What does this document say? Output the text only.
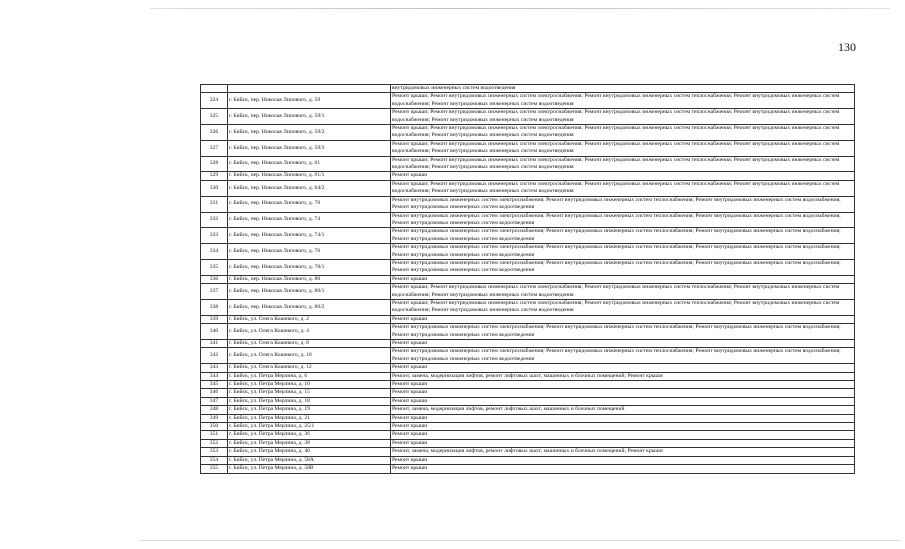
130
		внутридомовых инженерных систем водоотведения
324	г. Бийск, пер. Николая Липового, д. 59	Ремонт крыши; Ремонт внутридомовых инженерных систем электроснабжения; Ремонт внутридомовых инженерных систем теплоснабжения; Ремонт внутридомовых инженерных систем водоснабжения; Ремонт внутридомовых инженерных систем водоотведения
325	г. Бийск, пер. Николая Липового, д. 59/1	Ремонт крыши; Ремонт внутридомовых инженерных систем электроснабжения; Ремонт внутридомовых инженерных систем теплоснабжения; Ремонт внутридомовых инженерных систем водоснабжения; Ремонт внутридомовых инженерных систем водоотведения
326	г. Бийск, пер. Николая Липового, д. 59/2	Ремонт крыши; Ремонт внутридомовых инженерных систем электроснабжения; Ремонт внутридомовых инженерных систем теплоснабжения; Ремонт внутридомовых инженерных систем водоснабжения; Ремонт внутридомовых инженерных систем водоотведения
327	г. Бийск, пер. Николая Липового, д. 59/3	Ремонт крыши; Ремонт внутридомовых инженерных систем электроснабжения; Ремонт внутридомовых инженерных систем теплоснабжения; Ремонт внутридомовых инженерных систем водоснабжения; Ремонт внутридомовых инженерных систем водоотведения
328	г. Бийск, пер. Николая Липового, д. 61	Ремонт крыши; Ремонт внутридомовых инженерных систем электроснабжения; Ремонт внутридомовых инженерных систем теплоснабжения; Ремонт внутридомовых инженерных систем водоснабжения; Ремонт внутридомовых инженерных систем водоотведения
329	г. Бийск, пер. Николая Липового, д. 61/1	Ремонт крыши
330	г. Бийск, пер. Николая Липового, д. 64/2	Ремонт крыши; Ремонт внутридомовых инженерных систем электроснабжения; Ремонт внутридомовых инженерных систем теплоснабжения; Ремонт внутридомовых инженерных систем водоснабжения; Ремонт внутридомовых инженерных систем водоотведения
331	г. Бийск, пер. Николая Липового, д. 70	Ремонт внутридомовых инженерных систем электроснабжения; Ремонт внутридомовых инженерных систем теплоснабжения; Ремонт внутридомовых инженерных систем водоснабжения; Ремонт внутридомовых инженерных систем водоотведения
332	г. Бийск, пер. Николая Липового, д. 74	Ремонт внутридомовых инженерных систем электроснабжения; Ремонт внутридомовых инженерных систем теплоснабжения; Ремонт внутридомовых инженерных систем водоснабжения; Ремонт внутридомовых инженерных систем водоотведения
333	г. Бийск, пер. Николая Липового, д. 74/1	Ремонт внутридомовых инженерных систем электроснабжения; Ремонт внутридомовых инженерных систем теплоснабжения; Ремонт внутридомовых инженерных систем водоснабжения; Ремонт внутридомовых инженерных систем водоотведения
334	г. Бийск, пер. Николая Липового, д. 76	Ремонт внутридомовых инженерных систем электроснабжения; Ремонт внутридомовых инженерных систем теплоснабжения; Ремонт внутридомовых инженерных систем водоснабжения; Ремонт внутридомовых инженерных систем водоотведения
335	г. Бийск, пер. Николая Липового, д. 78/1	Ремонт внутридомовых инженерных систем электроснабжения; Ремонт внутридомовых инженерных систем теплоснабжения; Ремонт внутридомовых инженерных систем водоснабжения; Ремонт внутридомовых инженерных систем водоотведения
336	г. Бийск, пер. Николая Липового, д. 80	Ремонт крыши
337	г. Бийск, пер. Николая Липового, д. 80/1	Ремонт крыши; Ремонт внутридомовых инженерных систем электроснабжения; Ремонт внутридомовых инженерных систем теплоснабжения; Ремонт внутридомовых инженерных систем водоснабжения; Ремонт внутридомовых инженерных систем водоотведения
338	г. Бийск, пер. Николая Липового, д. 80/2	Ремонт крыши; Ремонт внутридомовых инженерных систем электроснабжения; Ремонт внутридомовых инженерных систем теплоснабжения; Ремонт внутридомовых инженерных систем водоснабжения; Ремонт внутридомовых инженерных систем водоотведения
339	г. Бийск, ул. Олега Кошевого, д. 2	Ремонт крыши
340	г. Бийск, ул. Олега Кошевого, д. 4	Ремонт внутридомовых инженерных систем электроснабжения; Ремонт внутридомовых инженерных систем теплоснабжения; Ремонт внутридомовых инженерных систем водоснабжения; Ремонт внутридомовых инженерных систем водоотведения
341	г. Бийск, ул. Олега Кошевого, д. 8	Ремонт крыши
342	г. Бийск, ул. Олега Кошевого, д. 10	Ремонт внутридомовых инженерных систем электроснабжения; Ремонт внутридомовых инженерных систем теплоснабжения; Ремонт внутридомовых инженерных систем водоснабжения; Ремонт внутридомовых инженерных систем водоотведения
343	г. Бийск, ул. Олега Кошевого, д. 12	Ремонт крыши
344	г. Бийск, ул. Петра Мерлина, д. 6	Ремонт, замена, модернизация лифтов, ремонт лифтовых шахт, машинных и блочных помещений; Ремонт крыши
345	г. Бийск, ул. Петра Мерлина, д. 10	Ремонт крыши
346	г. Бийск, ул. Петра Мерлина, д. 15	Ремонт крыши
347	г. Бийск, ул. Петра Мерлина, д. 18	Ремонт крыши
348	г. Бийск, ул. Петра Мерлина, д. 19	Ремонт, замена, модернизация лифтов, ремонт лифтовых шахт, машинных и блочных помещений
349	г. Бийск, ул. Петра Мерлина, д. 21	Ремонт крыши
350	г. Бийск, ул. Петра Мерлина, д. 25/1	Ремонт крыши
351	г. Бийск, ул. Петра Мерлина, д. 36	Ремонт крыши
352	г. Бийск, ул. Петра Мерлина, д. 38	Ремонт крыши
353	г. Бийск, ул. Петра Мерлина, д. 40	Ремонт, замена, модернизация лифтов, ремонт лифтовых шахт, машинных и блочных помещений; Ремонт крыши
354	г. Бийск, ул. Петра Мерлина, д. 58А	Ремонт крыши
355	г. Бийск, ул. Петра Мерлина, д. 58В	Ремонт крыши
